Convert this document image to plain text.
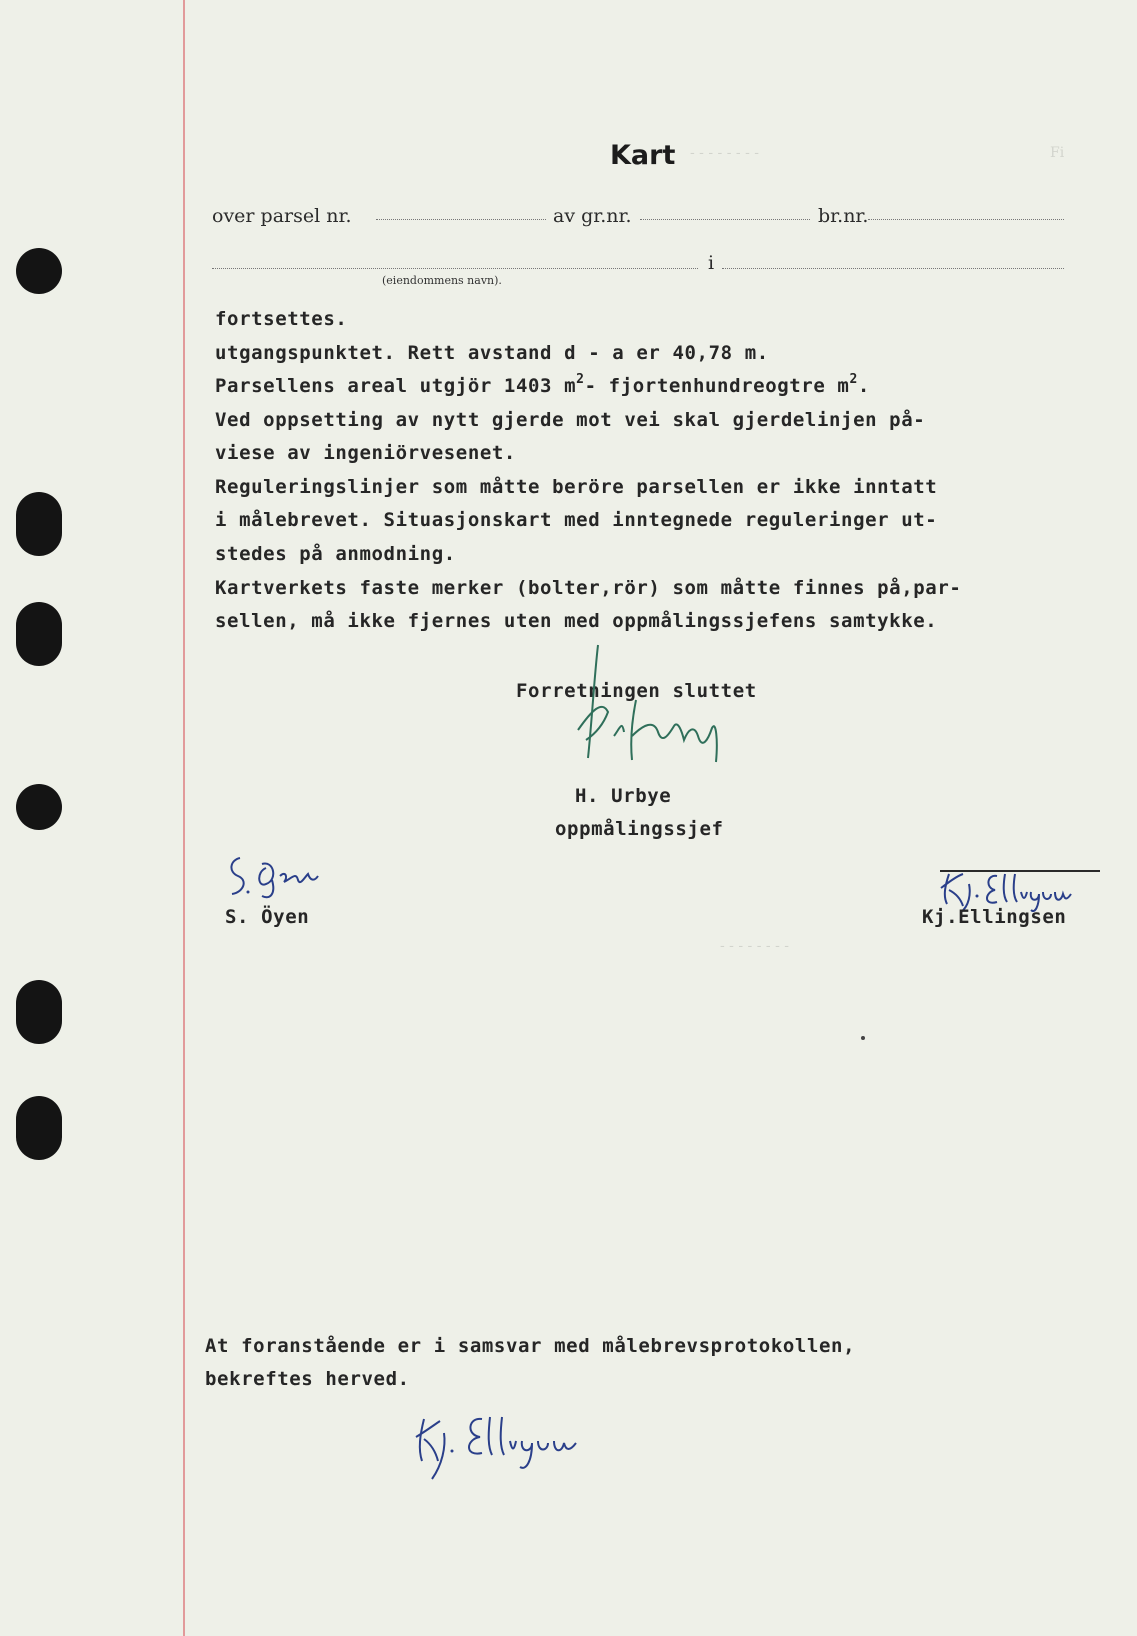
Fi
- - - - - - - -
- - - - - - - -
Kart
over parsel nr.	av gr.nr.	br.nr.
i
(eiendommens navn).
fortsettes.
utgangspunktet. Rett avstand d - a er 40,78 m.
Parsellens areal utgjör 1403 $m^2-$ fjortenhundreogtre $m^2$.
Ved oppsetting av nytt gjerde mot vei skal gjerdelinjen på-
viese av ingeniörvesenet.
Reguleringslinjer som måtte beröre parsellen er ikke inntatt
i målebrevet. Situasjonskart med inntegnede reguleringer ut-
stedes på anmodning.
Kartverkets faste merker (bolter,rör) som måtte finnes på,par-
sellen, må ikke fjernes uten med oppmålingssjefens samtykke.
Forretningen sluttet
H. Urbye
oppmålingssjef
S. Öyen	Kj.Ellingsen
At foranstående er i samsvar med målebrevsprotokollen,
bekreftes herved.
